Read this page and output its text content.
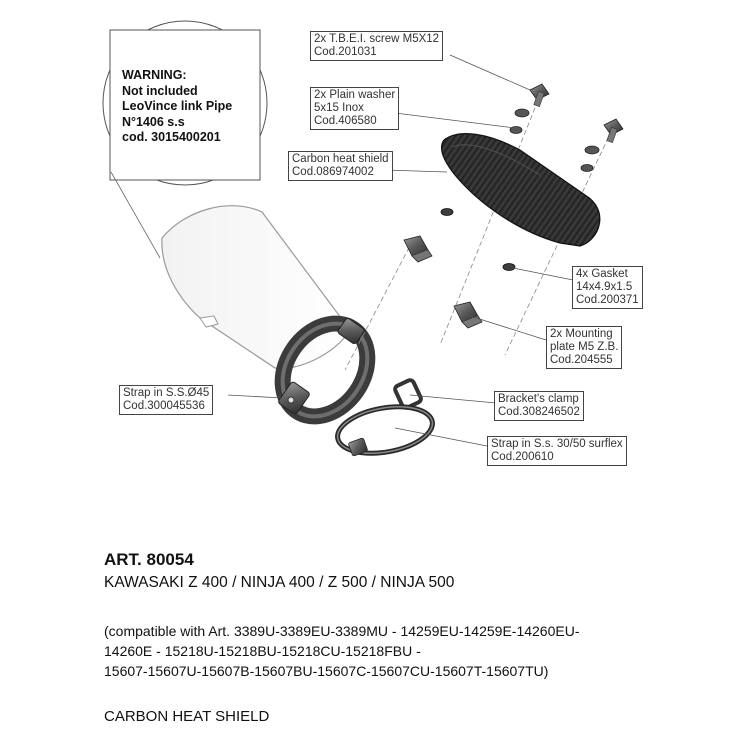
2x T.B.E.I. screw M5X12
Cod.201031
2x Plain washer
5x15 Inox
Cod.406580
Carbon heat shield
Cod.086974002
4x Gasket
14x4.9x1.5
Cod.200371
2x Mounting
plate M5 Z.B.
Cod.204555
Strap in S.S.Ø45
Cod.300045536
Bracket's clamp
Cod.308246502
Strap in S.s. 30/50 surflex
Cod.200610
WARNING:
Not included
LeoVince link Pipe
N°1406 s.s
cod. 3015400201
ART. 80054
KAWASAKI Z 400 / NINJA 400 / Z 500 / NINJA 500
(compatible with Art. 3389U-3389EU-3389MU - 14259EU-14259E-14260EU-
14260E - 15218U-15218BU-15218CU-15218FBU -
15607-15607U-15607B-15607BU-15607C-15607CU-15607T-15607TU)
CARBON HEAT SHIELD
